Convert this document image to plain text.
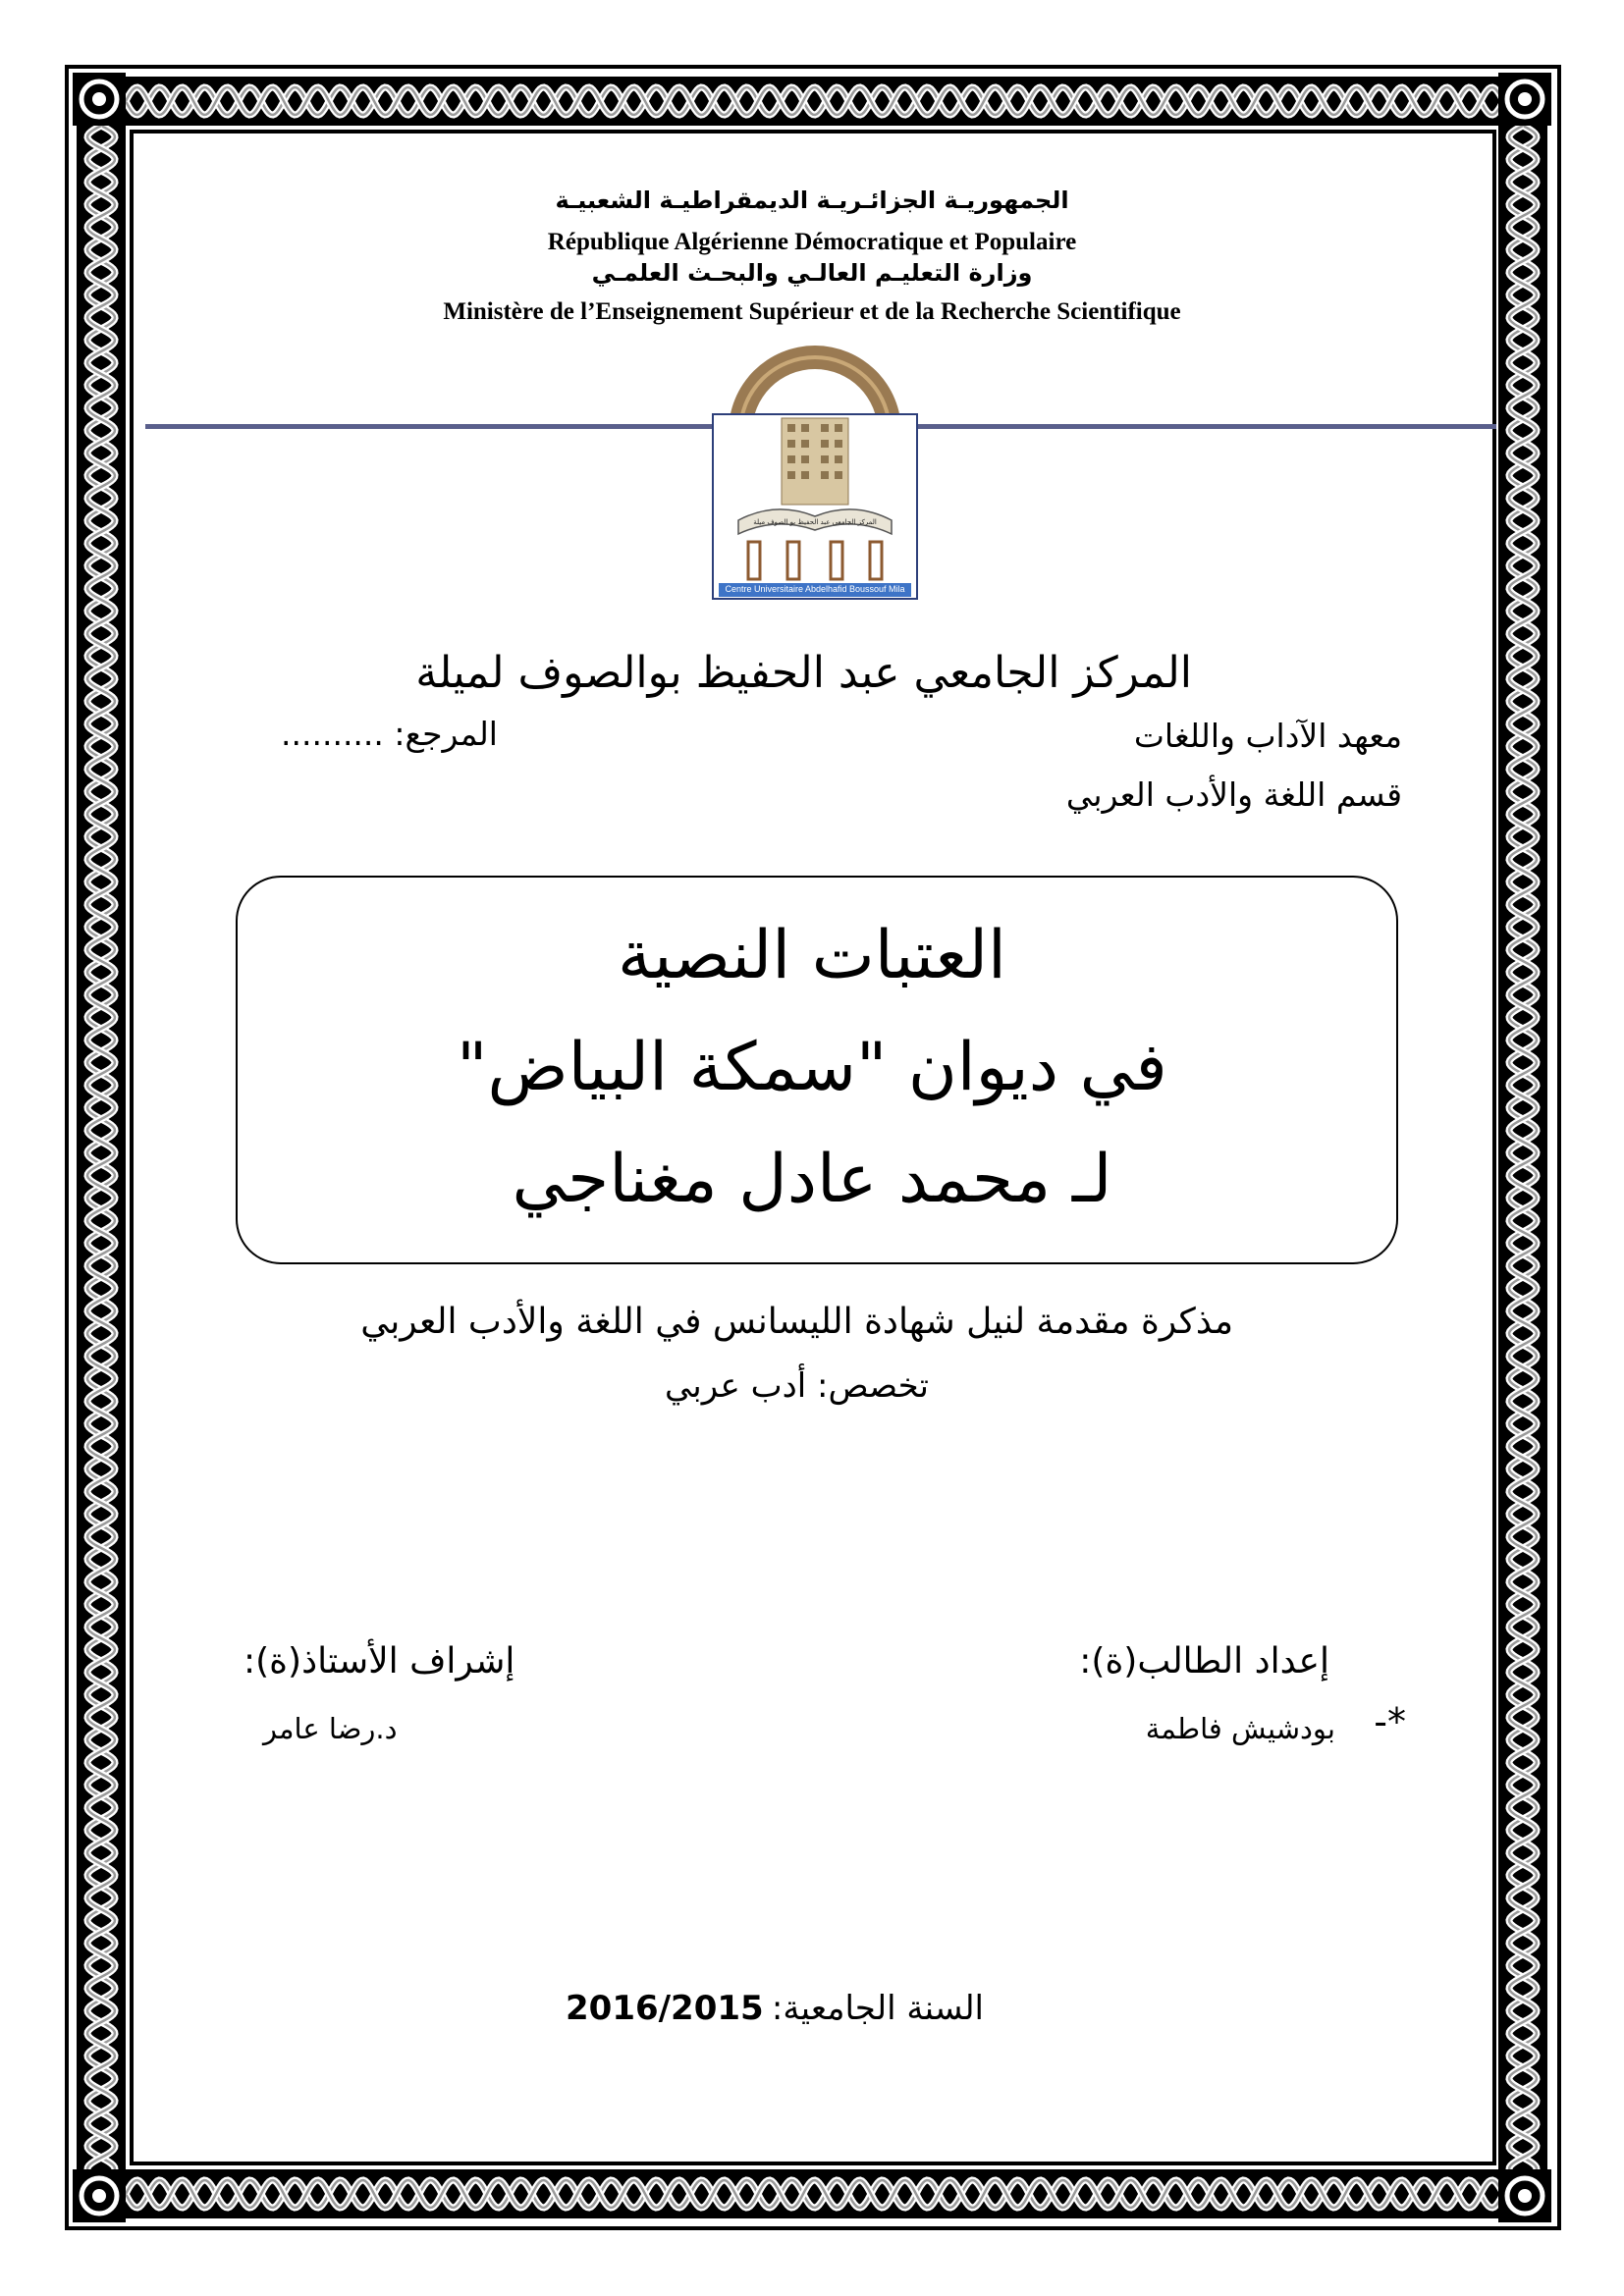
الجمهوريـة الجزائـريـة الديمقراطيـة الشعبيـة
République Algérienne Démocratique et Populaire
وزارة التعليـم العالـي والبحـث العلمـي
Ministère de l’Enseignement Supérieur et de la Recherche Scientifique
المركز الجامعي عبد الحفيظ بو الصوف ميلة
Centre Universitaire Abdelhafid Boussouf Mila
المركز الجامعي عبد الحفيظ بوالصوف لميلة
معهد الآداب واللغات
المرجع: ..........
قسم اللغة والأدب العربي
العتبات النصية
في ديوان "سمكة البياض"
لـ محمد عادل مغناجي
مذكرة مقدمة لنيل شهادة الليسانس في اللغة والأدب العربي
تخصص: أدب عربي
إعداد الطالب(ة):
إشراف الأستاذ(ة):
*-
بودشيش فاطمة
د.رضا عامر
السنة الجامعية:
2016/2015
